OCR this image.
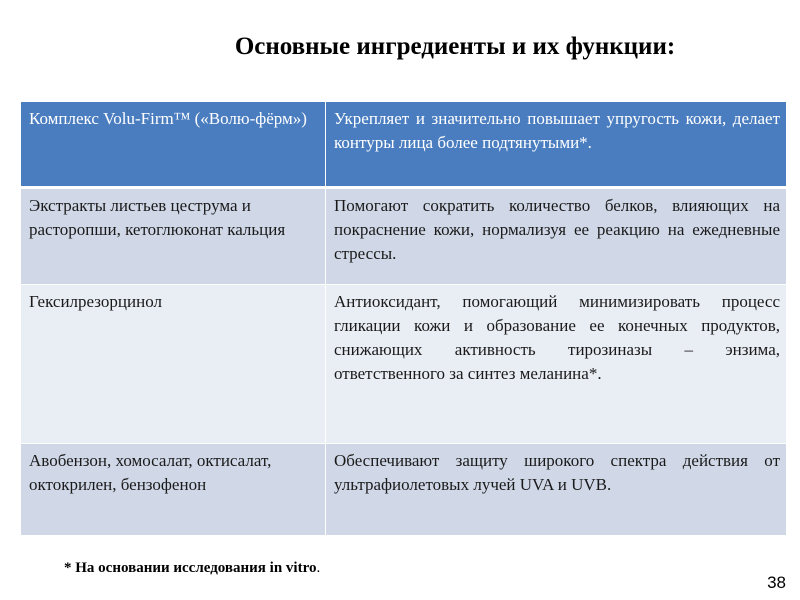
Основные ингредиенты и их функции:
Комплекс Volu-Firm™ («Волю-фёрм»)	Укрепляет и значительно повышает упругость кожи, делает контуры лица более подтянутыми*.
Экстракты листьев цеструма и расторопши, кетоглюконат кальция	Помогают сократить количество белков, влияющих на покраснение кожи, нормализуя ее реакцию на ежедневные стрессы.
Гексилрезорцинол	Антиоксидант, помогающий минимизировать процесс гликации кожи и образование ее конечных продуктов, снижающих активность тирозиназы – энзима, ответственного за синтез меланина*.
Авобензон, хомосалат, октисалат, октокрилен, бензофенон	Обеспечивают защиту широкого спектра действия от ультрафиолетовых лучей UVA и UVB.

* На основании исследования in vitro.

38
